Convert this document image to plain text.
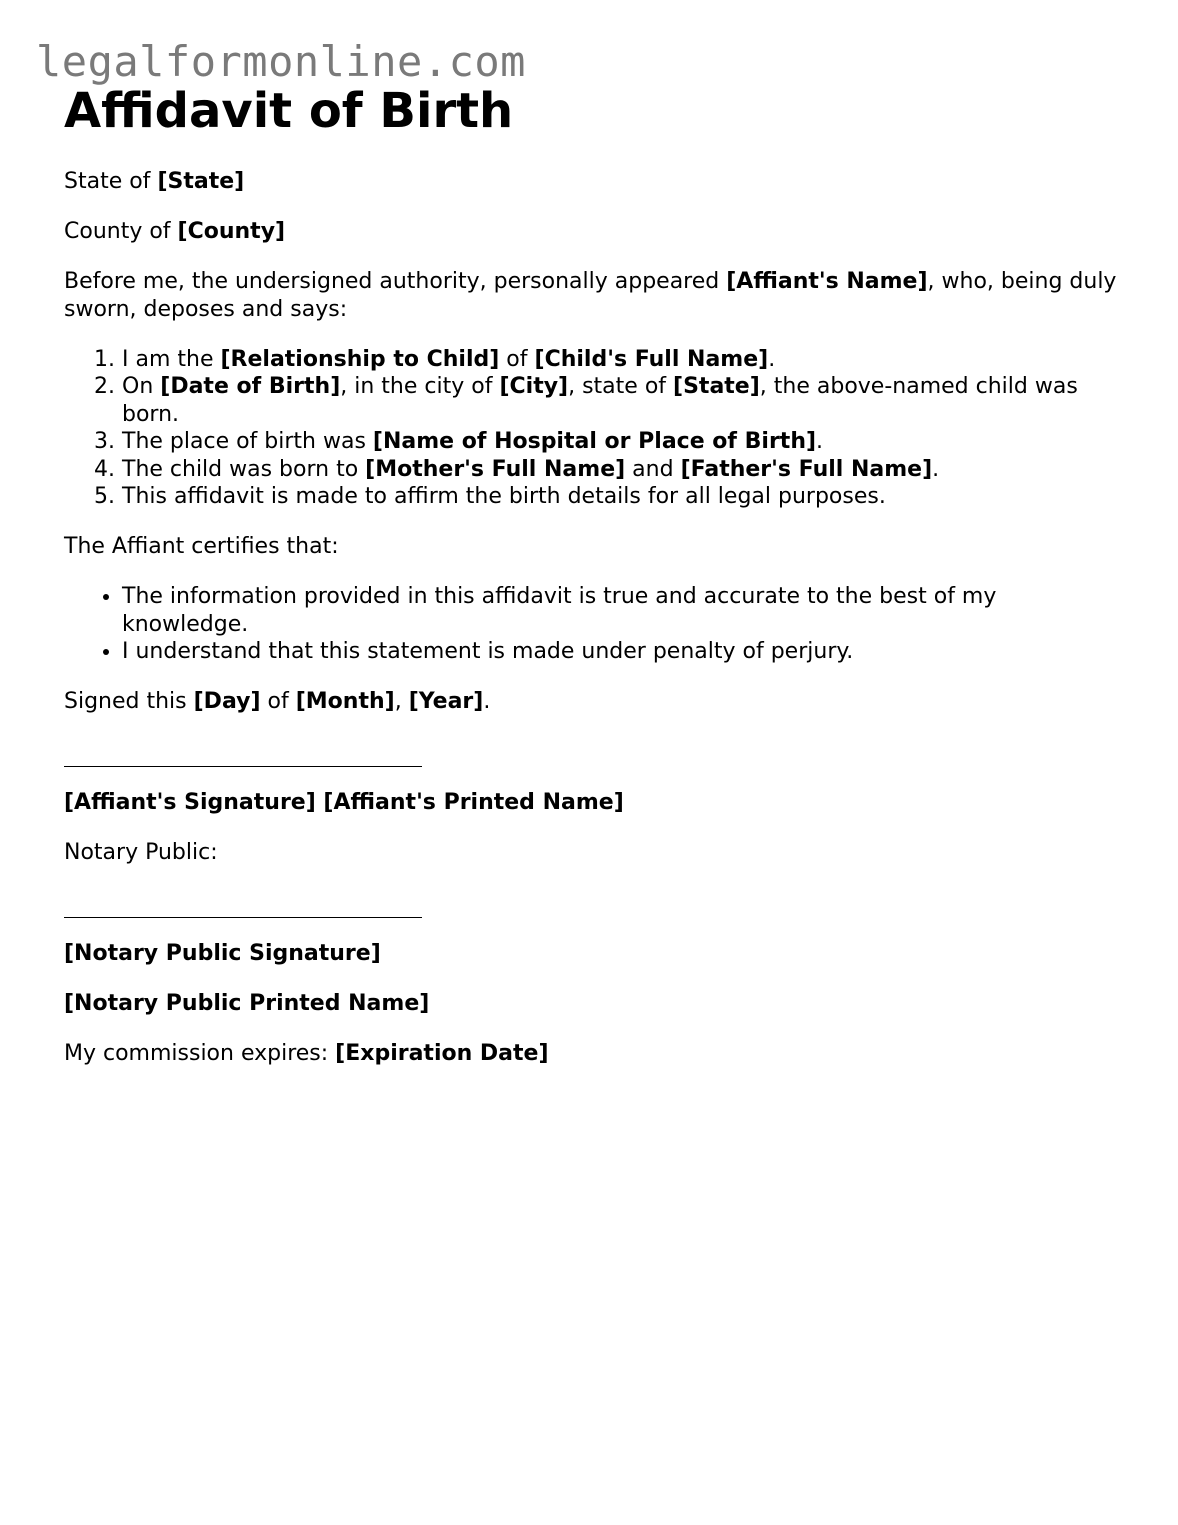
legalformonline.com
Affidavit of Birth

State of [State]

County of [County]

Before me, the undersigned authority, personally appeared [Affiant's Name], who, being duly sworn, deposes and says:

1. I am the [Relationship to Child] of [Child's Full Name].
2. On [Date of Birth], in the city of [City], state of [State], the above-named child was born.
3. The place of birth was [Name of Hospital or Place of Birth].
4. The child was born to [Mother's Full Name] and [Father's Full Name].
5. This affidavit is made to affirm the birth details for all legal purposes.

The Affiant certifies that:

• The information provided in this affidavit is true and accurate to the best of my knowledge.
• I understand that this statement is made under penalty of perjury.

Signed this [Day] of [Month], [Year].

[Affiant's Signature] [Affiant's Printed Name]

Notary Public:

[Notary Public Signature]

[Notary Public Printed Name]

My commission expires: [Expiration Date]
